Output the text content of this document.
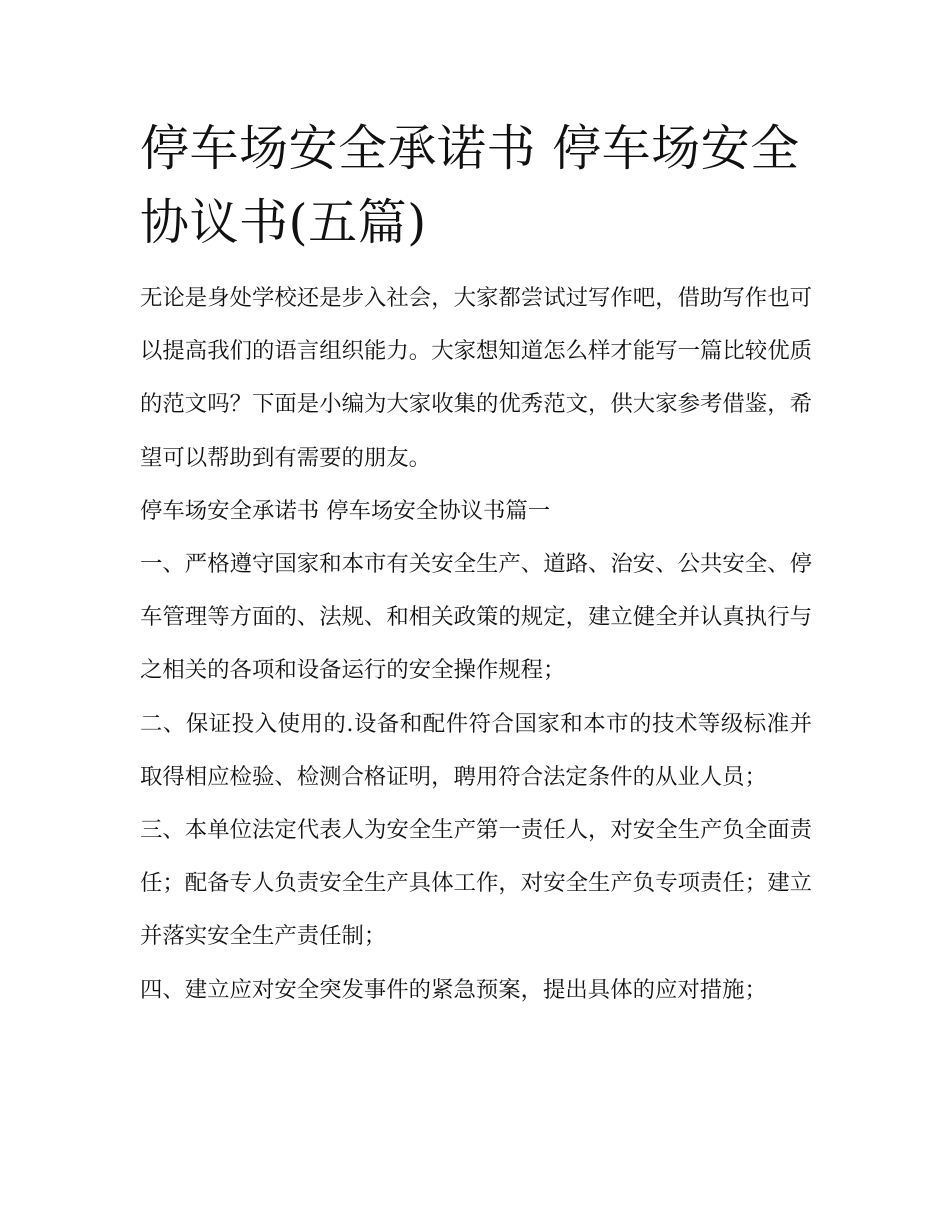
停车场安全承诺书 停车场安全协议书(五篇)

无论是身处学校还是步入社会，大家都尝试过写作吧，借助写作也可以提高我们的语言组织能力。大家想知道怎么样才能写一篇比较优质的范文吗？下面是小编为大家收集的优秀范文，供大家参考借鉴，希望可以帮助到有需要的朋友。

停车场安全承诺书 停车场安全协议书篇一

一、严格遵守国家和本市有关安全生产、道路、治安、公共安全、停车管理等方面的、法规、和相关政策的规定，建立健全并认真执行与之相关的各项和设备运行的安全操作规程；

二、保证投入使用的.设备和配件符合国家和本市的技术等级标准并取得相应检验、检测合格证明，聘用符合法定条件的从业人员；

三、本单位法定代表人为安全生产第一责任人，对安全生产负全面责任；配备专人负责安全生产具体工作，对安全生产负专项责任；建立并落实安全生产责任制；

四、建立应对安全突发事件的紧急预案，提出具体的应对措施；
